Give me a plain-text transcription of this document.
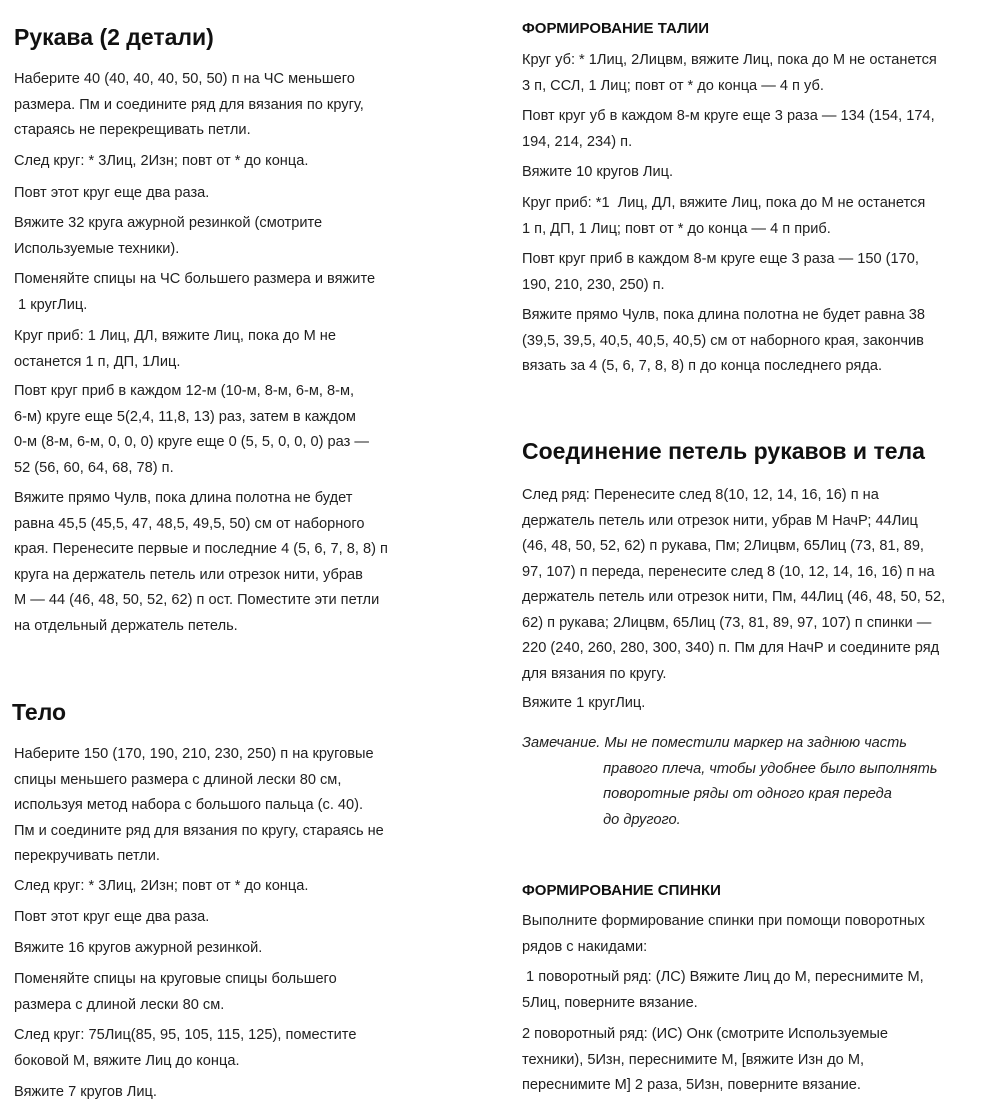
Рукава (2 детали)

Наберите 40 (40, 40, 40, 50, 50) п на ЧС меньшего
размера. Пм и соедините ряд для вязания по кругу,
стараясь не перекрещивать петли.

След круг: * 3Лиц, 2Изн; повт от * до конца.

Повт этот круг еще два раза.

Вяжите 32 круга ажурной резинкой (смотрите
Используемые техники).

Поменяйте спицы на ЧС большего размера и вяжите
1 кругЛиц.

Круг приб: 1 Лиц, ДЛ, вяжите Лиц, пока до М не
останется 1 п, ДП, 1Лиц.

Повт круг приб в каждом 12-м (10-м, 8-м, 6-м, 8-м,
6-м) круге еще 5(2,4, 11,8, 13) раз, затем в каждом
0-м (8-м, 6-м, 0, 0, 0) круге еще 0 (5, 5, 0, 0, 0) раз —
52 (56, 60, 64, 68, 78) п.

Вяжите прямо Чулв, пока длина полотна не будет
равна 45,5 (45,5, 47, 48,5, 49,5, 50) см от наборного
края. Перенесите первые и последние 4 (5, 6, 7, 8, 8) п
круга на держатель петель или отрезок нити, убрав
М — 44 (46, 48, 50, 52, 62) п ост. Поместите эти петли
на отдельный держатель петель.

Тело

Наберите 150 (170, 190, 210, 230, 250) п на круговые
спицы меньшего размера с длиной лески 80 см,
используя метод набора с большого пальца (с. 40).
Пм и соедините ряд для вязания по кругу, стараясь не
перекручивать петли.

След круг: * 3Лиц, 2Изн; повт от * до конца.

Повт этот круг еще два раза.

Вяжите 16 кругов ажурной резинкой.

Поменяйте спицы на круговые спицы большего
размера с длиной лески 80 см.

След круг: 75Лиц(85, 95, 105, 115, 125), поместите
боковой М, вяжите Лиц до конца.

Вяжите 7 кругов Лиц.

ФОРМИРОВАНИЕ ТАЛИИ

Круг уб: * 1Лиц, 2Лицвм, вяжите Лиц, пока до М не останется
3 п, ССЛ, 1 Лиц; повт от * до конца — 4 п уб.

Повт круг уб в каждом 8-м круге еще 3 раза — 134 (154, 174,
194, 214, 234) п.

Вяжите 10 кругов Лиц.

Круг приб: *1  Лиц, ДЛ, вяжите Лиц, пока до М не останется
1 п, ДП, 1 Лиц; повт от * до конца — 4 п приб.

Повт круг приб в каждом 8-м круге еще 3 раза — 150 (170,
190, 210, 230, 250) п.

Вяжите прямо Чулв, пока длина полотна не будет равна 38
(39,5, 39,5, 40,5, 40,5, 40,5) см от наборного края, закончив
вязать за 4 (5, 6, 7, 8, 8) п до конца последнего ряда.

Соединение петель рукавов и тела

След ряд: Перенесите след 8(10, 12, 14, 16, 16) п на
держатель петель или отрезок нити, убрав М НачР; 44Лиц
(46, 48, 50, 52, 62) п рукава, Пм; 2Лицвм, 65Лиц (73, 81, 89,
97, 107) п переда, перенесите след 8 (10, 12, 14, 16, 16) п на
держатель петель или отрезок нити, Пм, 44Лиц (46, 48, 50, 52,
62) п рукава; 2Лицвм, 65Лиц (73, 81, 89, 97, 107) п спинки —
220 (240, 260, 280, 300, 340) п. Пм для НачР и соедините ряд
для вязания по кругу.

Вяжите 1 кругЛиц.

Замечание. Мы не поместили маркер на заднюю часть
правого плеча, чтобы удобнее было выполнять
поворотные ряды от одного края переда
до другого.

ФОРМИРОВАНИЕ СПИНКИ

Выполните формирование спинки при помощи поворотных
рядов с накидами:

1 поворотный ряд: (ЛС) Вяжите Лиц до М, переснимите М,
5Лиц, поверните вязание.

2 поворотный ряд: (ИС) Онк (смотрите Используемые
техники), 5Изн, переснимите М, [вяжите Изн до М,
переснимите М] 2 раза, 5Изн, поверните вязание.
